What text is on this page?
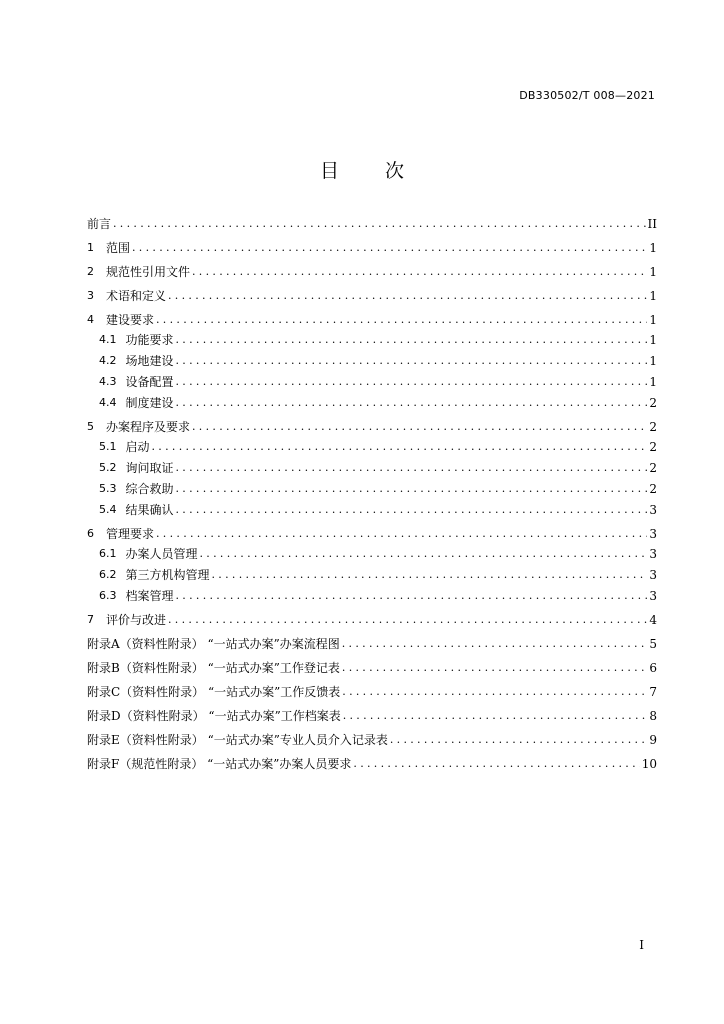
DB330502/T 008—2021
目 次
前言 .....	II
1 范围 .....	1
2 规范性引用文件 .....	1
3 术语和定义 .....	1
4 建设要求 .....	1
4.1 功能要求 .....	1
4.2 场地建设 .....	1
4.3 设备配置 .....	1
4.4 制度建设 .....	2
5 办案程序及要求 .....	2
5.1 启动 .....	2
5.2 询问取证 .....	2
5.3 综合救助 .....	2
5.4 结果确认 .....	3
6 管理要求 .....	3
6.1 办案人员管理 .....	3
6.2 第三方机构管理 .....	3
6.3 档案管理 .....	3
7 评价与改进 .....	4
附录A（资料性附录） “一站式办案”办案流程图 .....	5
附录B（资料性附录） “一站式办案”工作登记表 .....	6
附录C（资料性附录） “一站式办案”工作反馈表 .....	7
附录D（资料性附录） “一站式办案”工作档案表 .....	8
附录E（资料性附录） “一站式办案”专业人员介入记录表 .....	9
附录F（规范性附录） “一站式办案”办案人员要求 .....	10
I
